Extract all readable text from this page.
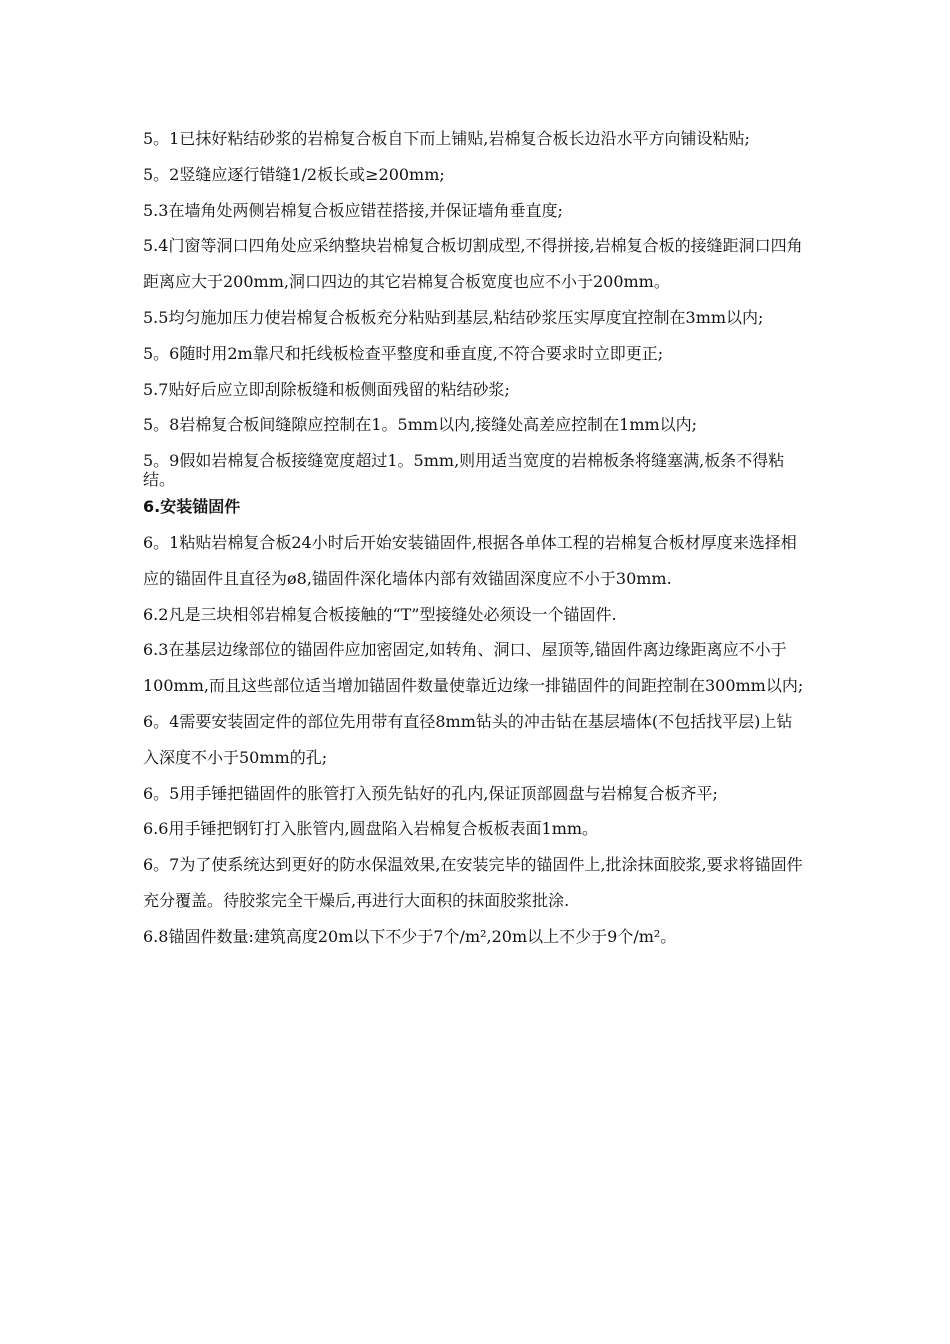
5。1已抹好粘结砂浆的岩棉复合板自下而上铺贴,岩棉复合板长边沿水平方向铺设粘贴;

5。2竖缝应逐行错缝1/2板长或≥200mm;

5.3在墙角处两侧岩棉复合板应错茬搭接,并保证墙角垂直度;

5.4门窗等洞口四角处应采纳整块岩棉复合板切割成型,不得拼接,岩棉复合板的接缝距洞口四角距离应大于200mm,洞口四边的其它岩棉复合板宽度也应不小于200mm。

5.5均匀施加压力使岩棉复合板板充分粘贴到基层,粘结砂浆压实厚度宜控制在3mm以内;

5。6随时用2m靠尺和托线板检查平整度和垂直度,不符合要求时立即更正;

5.7贴好后应立即刮除板缝和板侧面残留的粘结砂浆;

5。8岩棉复合板间缝隙应控制在1。5mm以内,接缝处高差应控制在1mm以内;

5。9假如岩棉复合板接缝宽度超过1。5mm,则用适当宽度的岩棉板条将缝塞满,板条不得粘结。

6.安装锚固件

6。1粘贴岩棉复合板24小时后开始安装锚固件,根据各单体工程的岩棉复合板材厚度来选择相应的锚固件且直径为ø8,锚固件深化墙体内部有效锚固深度应不小于30mm.

6.2凡是三块相邻岩棉复合板接触的“T”型接缝处必须设一个锚固件.

6.3在基层边缘部位的锚固件应加密固定,如转角、洞口、屋顶等,锚固件离边缘距离应不小于100mm,而且这些部位适当增加锚固件数量使靠近边缘一排锚固件的间距控制在300mm以内;

6。4需要安装固定件的部位先用带有直径8mm钻头的冲击钻在基层墙体(不包括找平层)上钻入深度不小于50mm的孔;

6。5用手锤把锚固件的胀管打入预先钻好的孔内,保证顶部圆盘与岩棉复合板齐平;

6.6用手锤把钢钉打入胀管内,圆盘陷入岩棉复合板板表面1mm。

6。7为了使系统达到更好的防水保温效果,在安装完毕的锚固件上,批涂抹面胶浆,要求将锚固件充分覆盖。待胶浆完全干燥后,再进行大面积的抹面胶浆批涂.

6.8锚固件数量:建筑高度20m以下不少于7个/m²,20m以上不少于9个/m²。
